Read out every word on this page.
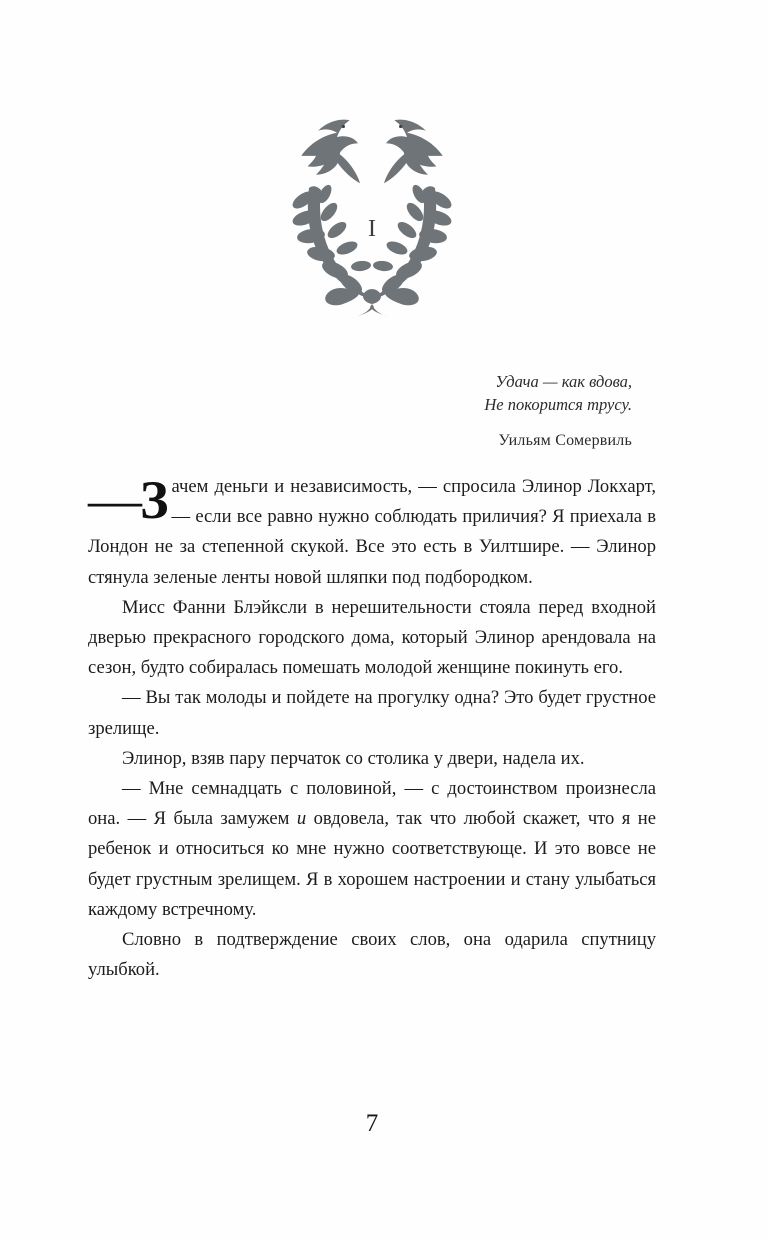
I
Удача — как вдова,
Не покорится трусу.
Уильям Сомервиль

—З ачем деньги и независимость, — спросила Элинор Локхарт, — если все равно нужно соблюдать приличия? Я приехала в Лондон не за степенной скукой. Все это есть в Уилтшире. — Элинор стянула зеленые ленты новой шляпки под подбородком.

Мисс Фанни Блэйксли в нерешительности стояла перед входной дверью прекрасного городского дома, который Элинор арендовала на сезон, будто собиралась помешать молодой женщине покинуть его.

— Вы так молоды и пойдете на прогулку одна? Это будет грустное зрелище.

Элинор, взяв пару перчаток со столика у двери, надела их.

— Мне семнадцать с половиной, — с достоинством произнесла она. — Я была замужем и овдовела, так что любой скажет, что я не ребенок и относиться ко мне нужно соответствующе. И это вовсе не будет грустным зрелищем. Я в хорошем настроении и стану улыбаться каждому встречному.

Словно в подтверждение своих слов, она одарила спутницу улыбкой.

7
